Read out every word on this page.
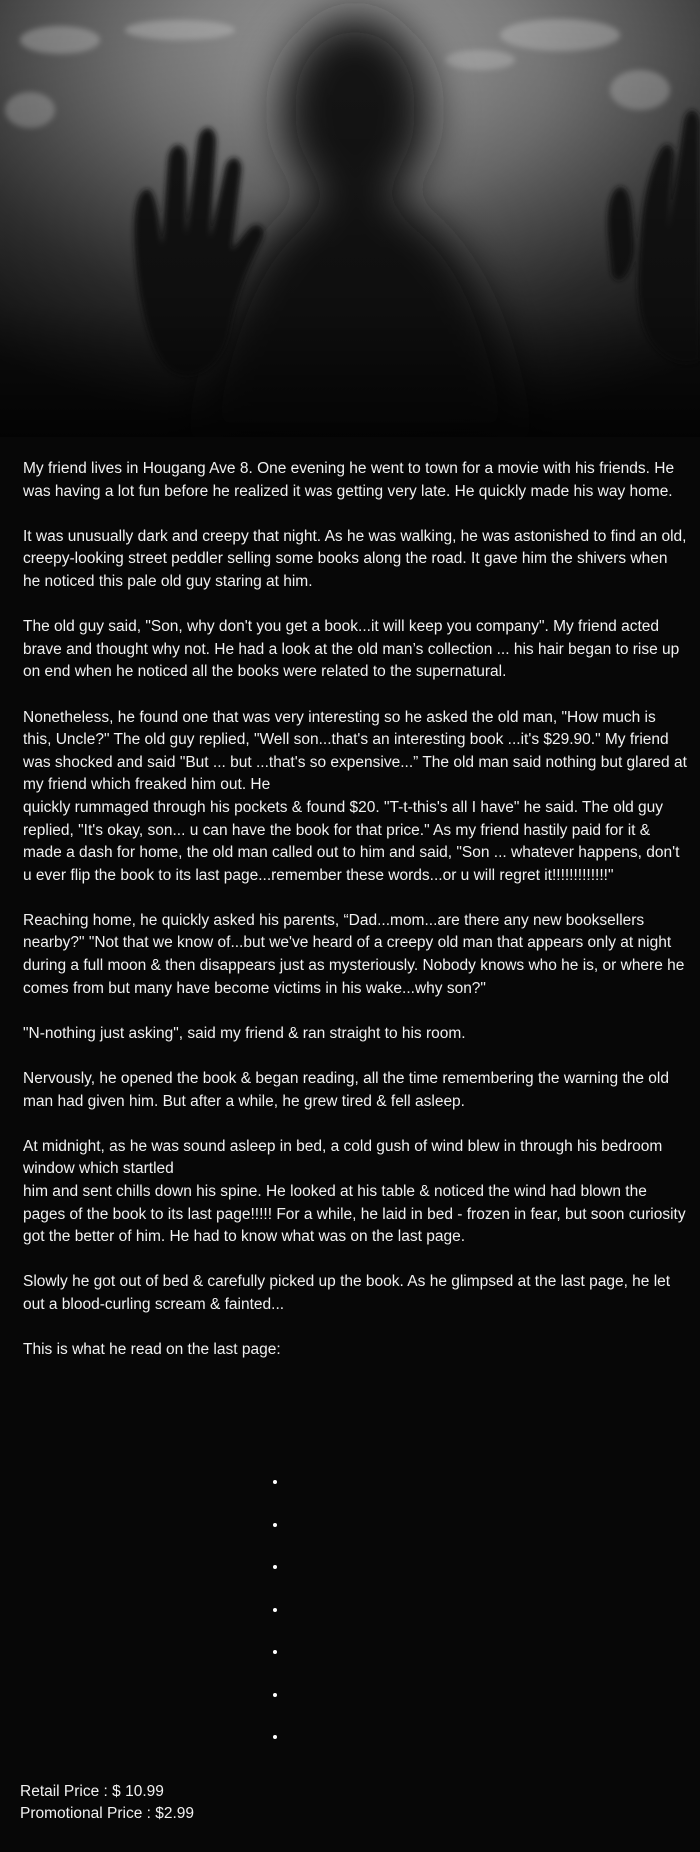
My friend lives in Hougang Ave 8. One evening he went to town for a movie with his friends. He was having a lot fun before he realized it was getting very late. He quickly made his way home.

It was unusually dark and creepy that night. As he was walking, he was astonished to find an old, creepy-looking street peddler selling some books along the road. It gave him the shivers when he noticed this pale old guy staring at him.

The old guy said, "Son, why don't you get a book...it will keep you company". My friend acted brave and thought why not. He had a look at the old man’s collection ... his hair began to rise up on end when he noticed all the books were related to the supernatural.

Nonetheless, he found one that was very interesting so he asked the old man, "How much is this, Uncle?" The old guy replied, "Well son...that's an interesting book ...it's $29.90." My friend was shocked and said "But ... but ...that's so expensive...” The old man said nothing but glared at my friend which freaked him out. He
quickly rummaged through his pockets & found $20. "T-t-this's all I have" he said. The old guy replied, "It's okay, son... u can have the book for that price." As my friend hastily paid for it & made a dash for home, the old man called out to him and said, "Son ... whatever happens, don't u ever flip the book to its last page...remember these words...or u will regret it!!!!!!!!!!!!!"

Reaching home, he quickly asked his parents, “Dad...mom...are there any new booksellers nearby?" "Not that we know of...but we've heard of a creepy old man that appears only at night during a full moon & then disappears just as mysteriously. Nobody knows who he is, or where he comes from but many have become victims in his wake...why son?"

"N-nothing just asking", said my friend & ran straight to his room.

Nervously, he opened the book & began reading, all the time remembering the warning the old man had given him. But after a while, he grew tired & fell asleep.

At midnight, as he was sound asleep in bed, a cold gush of wind blew in through his bedroom window which startled
him and sent chills down his spine. He looked at his table & noticed the wind had blown the pages of the book to its last page!!!!! For a while, he laid in bed - frozen in fear, but soon curiosity got the better of him. He had to know what was on the last page.

Slowly he got out of bed & carefully picked up the book. As he glimpsed at the last page, he let out a blood-curling scream & fainted...

This is what he read on the last page:

Retail Price : $ 10.99
Promotional Price : $2.99
